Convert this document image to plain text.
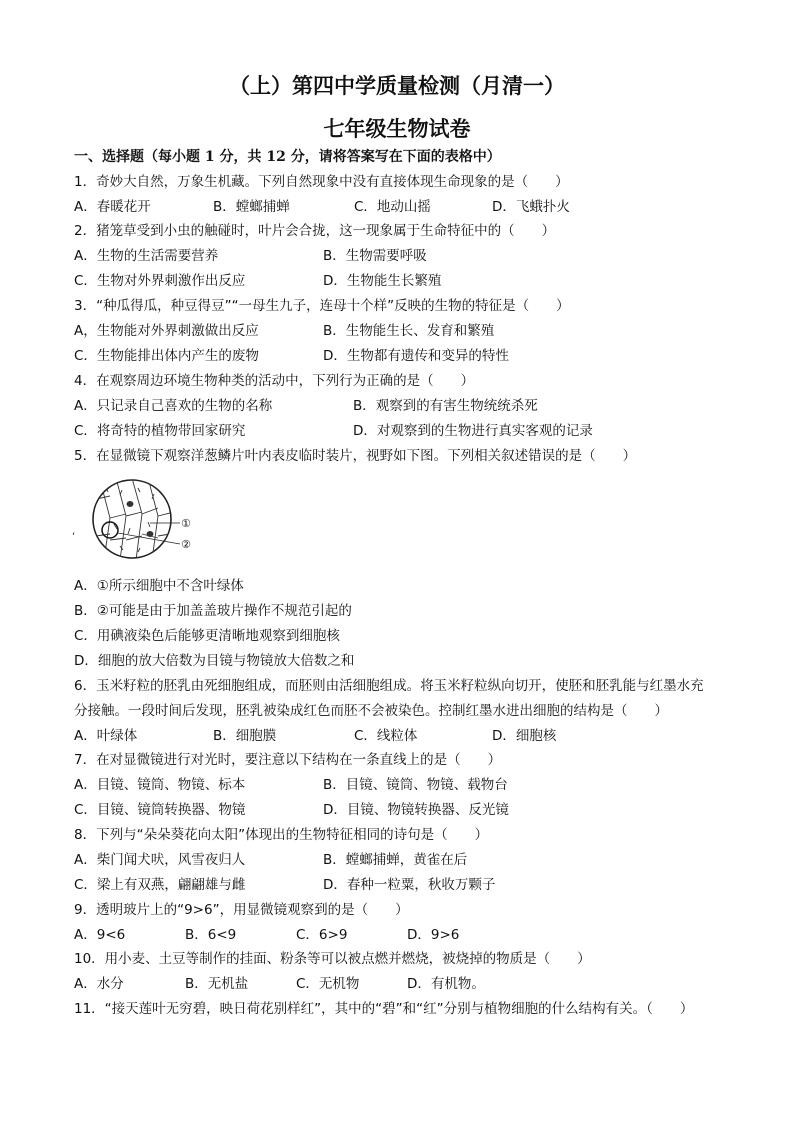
（上）第四中学质量检测（月清一）
七年级生物试卷
一、选择题（每小题 1 分，共 12 分，请将答案写在下面的表格中）
1．奇妙大自然，万象生机藏。下列自然现象中没有直接体现生命现象的是（　　）
A．春暖花开	B．螳螂捕蝉	C．地动山摇	D．飞蛾扑火
2．猪笼草受到小虫的触碰时，叶片会合拢，这一现象属于生命特征中的（　　）
A．生物的生活需要营养	B．生物需要呼吸
C．生物对外界刺激作出反应	D．生物能生长繁殖
3．“种瓜得瓜，种豆得豆”“一母生九子，连母十个样”反映的生物的特征是（　　）
A，生物能对外界刺激做出反应	B．生物能生长、发育和繁殖
C．生物能排出体内产生的废物	D．生物都有遗传和变异的特性
4．在观察周边环境生物种类的活动中，下列行为正确的是（　　）
A．只记录自己喜欢的生物的名称	B．观察到的有害生物统统杀死
C．将奇特的植物带回家研究	D．对观察到的生物进行真实客观的记录
5．在显微镜下观察洋葱鳞片叶内表皮临时装片，视野如下图。下列相关叙述错误的是（　　）
,
①
②
A．①所示细胞中不含叶绿体
B．②可能是由于加盖盖玻片操作不规范引起的
C．用碘液染色后能够更清晰地观察到细胞核
D．细胞的放大倍数为目镜与物镜放大倍数之和
6．玉米籽粒的胚乳由死细胞组成，而胚则由活细胞组成。将玉米籽粒纵向切开，使胚和胚乳能与红墨水充
分接触。一段时间后发现，胚乳被染成红色而胚不会被染色。控制红墨水进出细胞的结构是（　　）
A．叶绿体	B．细胞膜	C．线粒体	D．细胞核
7．在对显微镜进行对光时，要注意以下结构在一条直线上的是（　　）
A．目镜、镜筒、物镜、标本	B．目镜、镜筒、物镜、载物台
C．目镜、镜筒转换器、物镜	D．目镜、物镜转换器、反光镜
8．下列与“朵朵葵花向太阳”体现出的生物特征相同的诗句是（　　）
A．柴门闻犬吠，风雪夜归人	B．螳螂捕蝉，黄雀在后
C．梁上有双燕，翩翩雄与雌	D．春种一粒粟，秋收万颗子
9．透明玻片上的“9>6”，用显微镜观察到的是（　　）
A．9<6	B．6<9	C．6>9	D．9>6
10．用小麦、土豆等制作的挂面、粉条等可以被点燃并燃烧，被烧掉的物质是（　　）
A．水分	B．无机盐	C．无机物	D．有机物。
11．“接天莲叶无穷碧，映日荷花别样红”，其中的“碧”和“红”分别与植物细胞的什么结构有关。（　　）
